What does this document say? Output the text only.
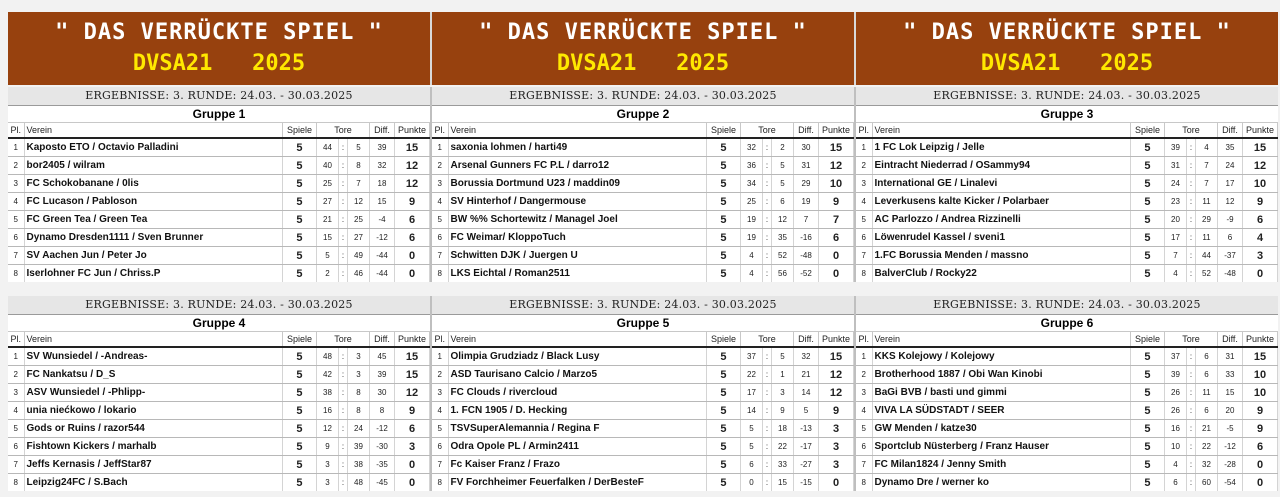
" DAS VERRÜCKTE SPIEL "
DVSA21   2025
" DAS VERRÜCKTE SPIEL "
DVSA21   2025
" DAS VERRÜCKTE SPIEL "
DVSA21   2025
ERGEBNISSE: 3. RUNDE: 24.03. - 30.03.2025
Gruppe 1
Pl.	Verein	Spiele	Tore			Diff.	Punkte
1	Kaposto ETO / Octavio Palladini	5	44	:	5	39	15
2	bor2405 / wilram	5	40	:	8	32	12
3	FC Schokobanane / 0lis	5	25	:	7	18	12
4	FC Lucason / Pabloson	5	27	:	12	15	9
5	FC Green Tea / Green Tea	5	21	:	25	-4	6
6	Dynamo Dresden1111 / Sven Brunner	5	15	:	27	-12	6
7	SV Aachen Jun / Peter Jo	5	5	:	49	-44	0
8	Iserlohner FC Jun / Chriss.P	5	2	:	46	-44	0
ERGEBNISSE: 3. RUNDE: 24.03. - 30.03.2025
Gruppe 2
Pl.	Verein	Spiele	Tore			Diff.	Punkte
1	saxonia lohmen / harti49	5	32	:	2	30	15
2	Arsenal Gunners FC P.L / darro12	5	36	:	5	31	12
3	Borussia Dortmund U23 / maddin09	5	34	:	5	29	10
4	SV Hinterhof / Dangermouse	5	25	:	6	19	9
5	BW %% Schortewitz / Managel Joel	5	19	:	12	7	7
6	FC Weimar/ KloppoTuch	5	19	:	35	-16	6
7	Schwitten DJK / Juergen U	5	4	:	52	-48	0
8	LKS Eichtal / Roman2511	5	4	:	56	-52	0
ERGEBNISSE: 3. RUNDE: 24.03. - 30.03.2025
Gruppe 3
Pl.	Verein	Spiele	Tore			Diff.	Punkte
1	1 FC Lok Leipzig / Jelle	5	39	:	4	35	15
2	Eintracht Niederrad / OSammy94	5	31	:	7	24	12
3	International GE / Linalevi	5	24	:	7	17	10
4	Leverkusens kalte Kicker / Polarbaer	5	23	:	11	12	9
5	AC Parlozzo / Andrea Rizzinelli	5	20	:	29	-9	6
6	Löwenrudel Kassel / sveni1	5	17	:	11	6	4
7	1.FC Borussia Menden / massno	5	7	:	44	-37	3
8	BalverClub / Rocky22	5	4	:	52	-48	0
ERGEBNISSE: 3. RUNDE: 24.03. - 30.03.2025
Gruppe 4
Pl.	Verein	Spiele	Tore			Diff.	Punkte
1	SV Wunsiedel / -Andreas-	5	48	:	3	45	15
2	FC Nankatsu / D_S	5	42	:	3	39	15
3	ASV Wunsiedel / -Phlipp-	5	38	:	8	30	12
4	unia niećkowo / lokario	5	16	:	8	8	9
5	Gods or Ruins / razor544	5	12	:	24	-12	6
6	Fishtown Kickers / marhalb	5	9	:	39	-30	3
7	Jeffs Kernasis / JeffStar87	5	3	:	38	-35	0
8	Leipzig24FC / S.Bach	5	3	:	48	-45	0
ERGEBNISSE: 3. RUNDE: 24.03. - 30.03.2025
Gruppe 5
Pl.	Verein	Spiele	Tore			Diff.	Punkte
1	Olimpia Grudziadz / Black Lusy	5	37	:	5	32	15
2	ASD Taurisano Calcio / Marzo5	5	22	:	1	21	12
3	FC Clouds / rivercloud	5	17	:	3	14	12
4	1. FCN 1905 / D. Hecking	5	14	:	9	5	9
5	TSVSuperAlemannia / Regina F	5	5	:	18	-13	3
6	Odra Opole PL / Armin2411	5	5	:	22	-17	3
7	Fc Kaiser Franz / Frazo	5	6	:	33	-27	3
8	FV Forchheimer Feuerfalken / DerBesteF	5	0	:	15	-15	0
ERGEBNISSE: 3. RUNDE: 24.03. - 30.03.2025
Gruppe 6
Pl.	Verein	Spiele	Tore			Diff.	Punkte
1	KKS Kolejowy / Kolejowy	5	37	:	6	31	15
2	Brotherhood 1887 / Obi Wan Kinobi	5	39	:	6	33	10
3	BaGi BVB / basti und gimmi	5	26	:	11	15	10
4	VIVA LA SÜDSTADT / SEER	5	26	:	6	20	9
5	GW Menden / katze30	5	16	:	21	-5	9
6	Sportclub Nüsterberg / Franz Hauser	5	10	:	22	-12	6
7	FC Milan1824 / Jenny Smith	5	4	:	32	-28	0
8	Dynamo Dre / werner ko	5	6	:	60	-54	0
